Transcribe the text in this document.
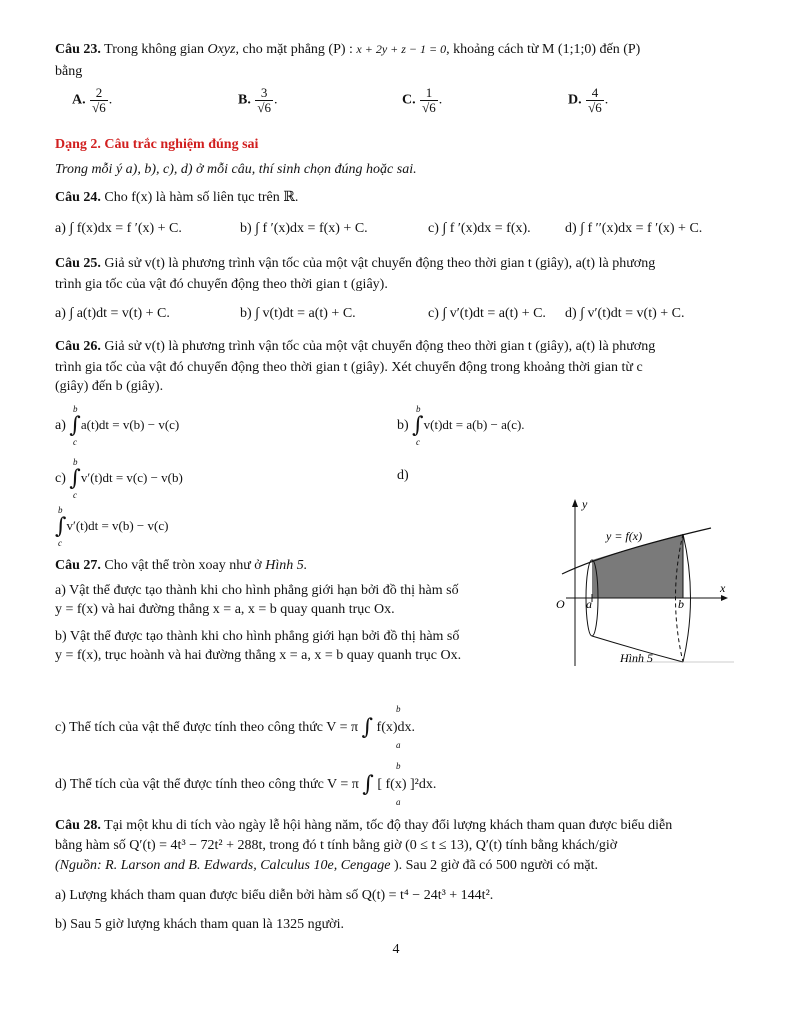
Câu 23. Trong không gian Oxyz, cho mặt phẳng (P) : x + 2y + z − 1 = 0, khoảng cách từ M (1;1;0) đến (P)
bằng
A. $\frac{2}{√6}$ .	B. $\frac{3}{√6}$ .	C. $\frac{1}{√6}$ .	D. $\frac{4}{√6}$ .
Dạng 2. Câu trắc nghiệm đúng sai
Trong mỗi ý a), b), c), d) ở mỗi câu, thí sinh chọn đúng hoặc sai.
Câu 24. Cho f(x) là hàm số liên tục trên ℝ.
a) ∫ f(x)dx = f ′(x) + C.	b) ∫ f ′(x)dx = f(x) + C.	c) ∫ f ′(x)dx = f(x). d) ∫ f ′′(x)dx = f ′(x) + C.
Câu 25. Giả sử v(t) là phương trình vận tốc của một vật chuyển động theo thời gian t (giây), a(t) là phương
trình gia tốc của vật đó chuyển động theo thời gian t (giây).
a) ∫ a(t)dt = v(t) + C.	b) ∫ v(t)dt = a(t) + C.	c) ∫ v′(t)dt = a(t) + C. d) ∫ v′(t)dt = v(t) + C.
Câu 26. Giả sử v(t) là phương trình vận tốc của một vật chuyển động theo thời gian t (giây), a(t) là phương
trình gia tốc của vật đó chuyển động theo thời gian t (giây). Xét chuyển động trong khoảng thời gian từ c
(giây) đến b (giây).
a) ∫a(t)dt = v(b) − v(c)
b
c
b) ∫v(t)dt = a(b) − a(c).
b
c
c) ∫v′(t)dt = v(c) − v(b)
b
c
d)
∫v′(t)dt = v(b) − v(c)
b
c
Câu 27. Cho vật thể tròn xoay như ở Hình 5.
a) Vật thể được tạo thành khi cho hình phẳng giới hạn bởi đồ thị hàm số
y = f(x) và hai đường thẳng x = a, x = b quay quanh trục Ox.
b) Vật thể được tạo thành khi cho hình phẳng giới hạn bởi đồ thị hàm số
y = f(x), trục hoành và hai đường thẳng x = a, x = b quay quanh trục Ox.
c) Thể tích của vật thể được tính theo công thức V = π ∫ f(x)dx.
b
a
d) Thể tích của vật thể được tính theo công thức V = π ∫ [ f(x) ]²dx.
b
a
y
x
O
y = f(x)
a	b
Hình 5
Câu 28. Tại một khu di tích vào ngày lễ hội hàng năm, tốc độ thay đổi lượng khách tham quan được biểu diễn
bằng hàm số Q′(t) = 4t³ − 72t² + 288t, trong đó t tính bằng giờ (0 ≤ t ≤ 13), Q′(t) tính bằng khách/giờ
(Nguồn: R. Larson and B. Edwards, Calculus 10e, Cengage ). Sau 2 giờ đã có 500 người có mặt.
a) Lượng khách tham quan được biểu diễn bởi hàm số Q(t) = t⁴ − 24t³ + 144t².
b) Sau 5 giờ lượng khách tham quan là 1325 người.
4
